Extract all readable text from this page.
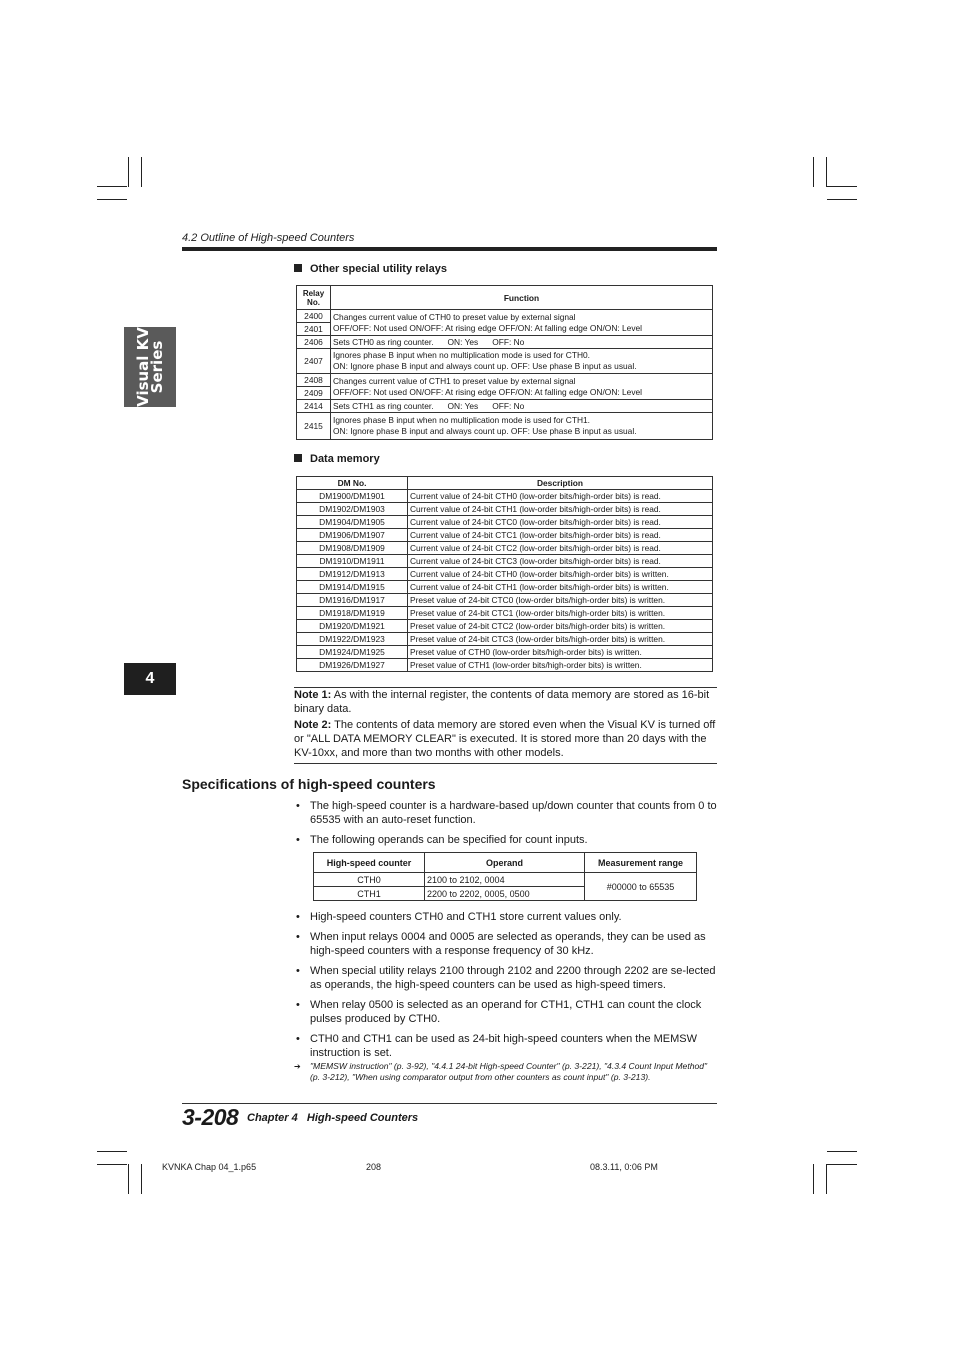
4.2 Outline of High-speed Counters
Visual KV
Series
4
Other special utility relays
Relay No.	Function
2400	Changes current value of CTH0 to preset value by external signal
OFF/OFF: Not used ON/OFF: At rising edge OFF/ON: At falling edge ON/ON: Level

2401	
2406	Sets CTH0 as ring counter.      ON: Yes      OFF: No
2407	Ignores phase B input when no multiplication mode is used for CTH0.
ON: Ignore phase B input and always count up. OFF: Use phase B input as usual.

2408	Changes current value of CTH1 to preset value by external signal
OFF/OFF: Not used ON/OFF: At rising edge OFF/ON: At falling edge ON/ON: Level

2409	
2414	Sets CTH1 as ring counter.      ON: Yes      OFF: No
2415	Ignores phase B input when no multiplication mode is used for CTH1.
ON: Ignore phase B input and always count up. OFF: Use phase B input as usual.
Data memory
DM No.	Description
DM1900/DM1901	Current value of 24-bit CTH0 (low-order bits/high-order bits) is read.
DM1902/DM1903	Current value of 24-bit CTH1 (low-order bits/high-order bits) is read.
DM1904/DM1905	Current value of 24-bit CTC0 (low-order bits/high-order bits) is read.
DM1906/DM1907	Current value of 24-bit CTC1 (low-order bits/high-order bits) is read.
DM1908/DM1909	Current value of 24-bit CTC2 (low-order bits/high-order bits) is read.
DM1910/DM1911	Current value of 24-bit CTC3 (low-order bits/high-order bits) is read.
DM1912/DM1913	Current value of 24-bit CTH0 (low-order bits/high-order bits) is written.
DM1914/DM1915	Current value of 24-bit CTH1 (low-order bits/high-order bits) is written.
DM1916/DM1917	Preset value of 24-bit CTC0 (low-order bits/high-order bits) is written.
DM1918/DM1919	Preset value of 24-bit CTC1 (low-order bits/high-order bits) is written.
DM1920/DM1921	Preset value of 24-bit CTC2 (low-order bits/high-order bits) is written.
DM1922/DM1923	Preset value of 24-bit CTC3 (low-order bits/high-order bits) is written.
DM1924/DM1925	Preset value of CTH0 (low-order bits/high-order bits) is written.
DM1926/DM1927	Preset value of CTH1 (low-order bits/high-order bits) is written.

Note 1: As with the internal register, the contents of data memory are stored as 16-bit binary data.

Note 2: The contents of data memory are stored even when the Visual KV is turned off or "ALL DATA MEMORY CLEAR" is executed. It is stored more than 20 days with the KV-10xx, and more than two months with other models.

Specifications of high-speed counters
• The high-speed counter is a hardware-based up/down counter that counts from 0 to 65535 with an auto-reset function.
• The following operands can be specified for count inputs.
High-speed counter	Operand	Measurement range
CTH0	2100 to 2102, 0004	#00000 to 65535
CTH1	2200 to 2202, 0005, 0500	
• High-speed counters CTH0 and CTH1 store current values only.
• When input relays 0004 and 0005 are selected as operands, they can be used as high-speed counters with a response frequency of 30 kHz.
• When special utility relays 2100 through 2102 and 2200 through 2202 are se-lected as operands, the high-speed counters can be used as high-speed timers.
• When relay 0500 is selected as an operand for CTH1, CTH1 can count the clock pulses produced by CTH0.
• CTH0 and CTH1 can be used as 24-bit high-speed counters when the MEMSW instruction is set.
➔	"MEMSW instruction" (p. 3-92), "4.4.1 24-bit High-speed Counter" (p. 3-221), "4.3.4 Count Input Method" (p. 3-212), "When using comparator output from other counters as count input" (p. 3-213).
3-208 Chapter 4   High-speed Counters
KVNKA Chap 04_1.p65	208	08.3.11, 0:06 PM
